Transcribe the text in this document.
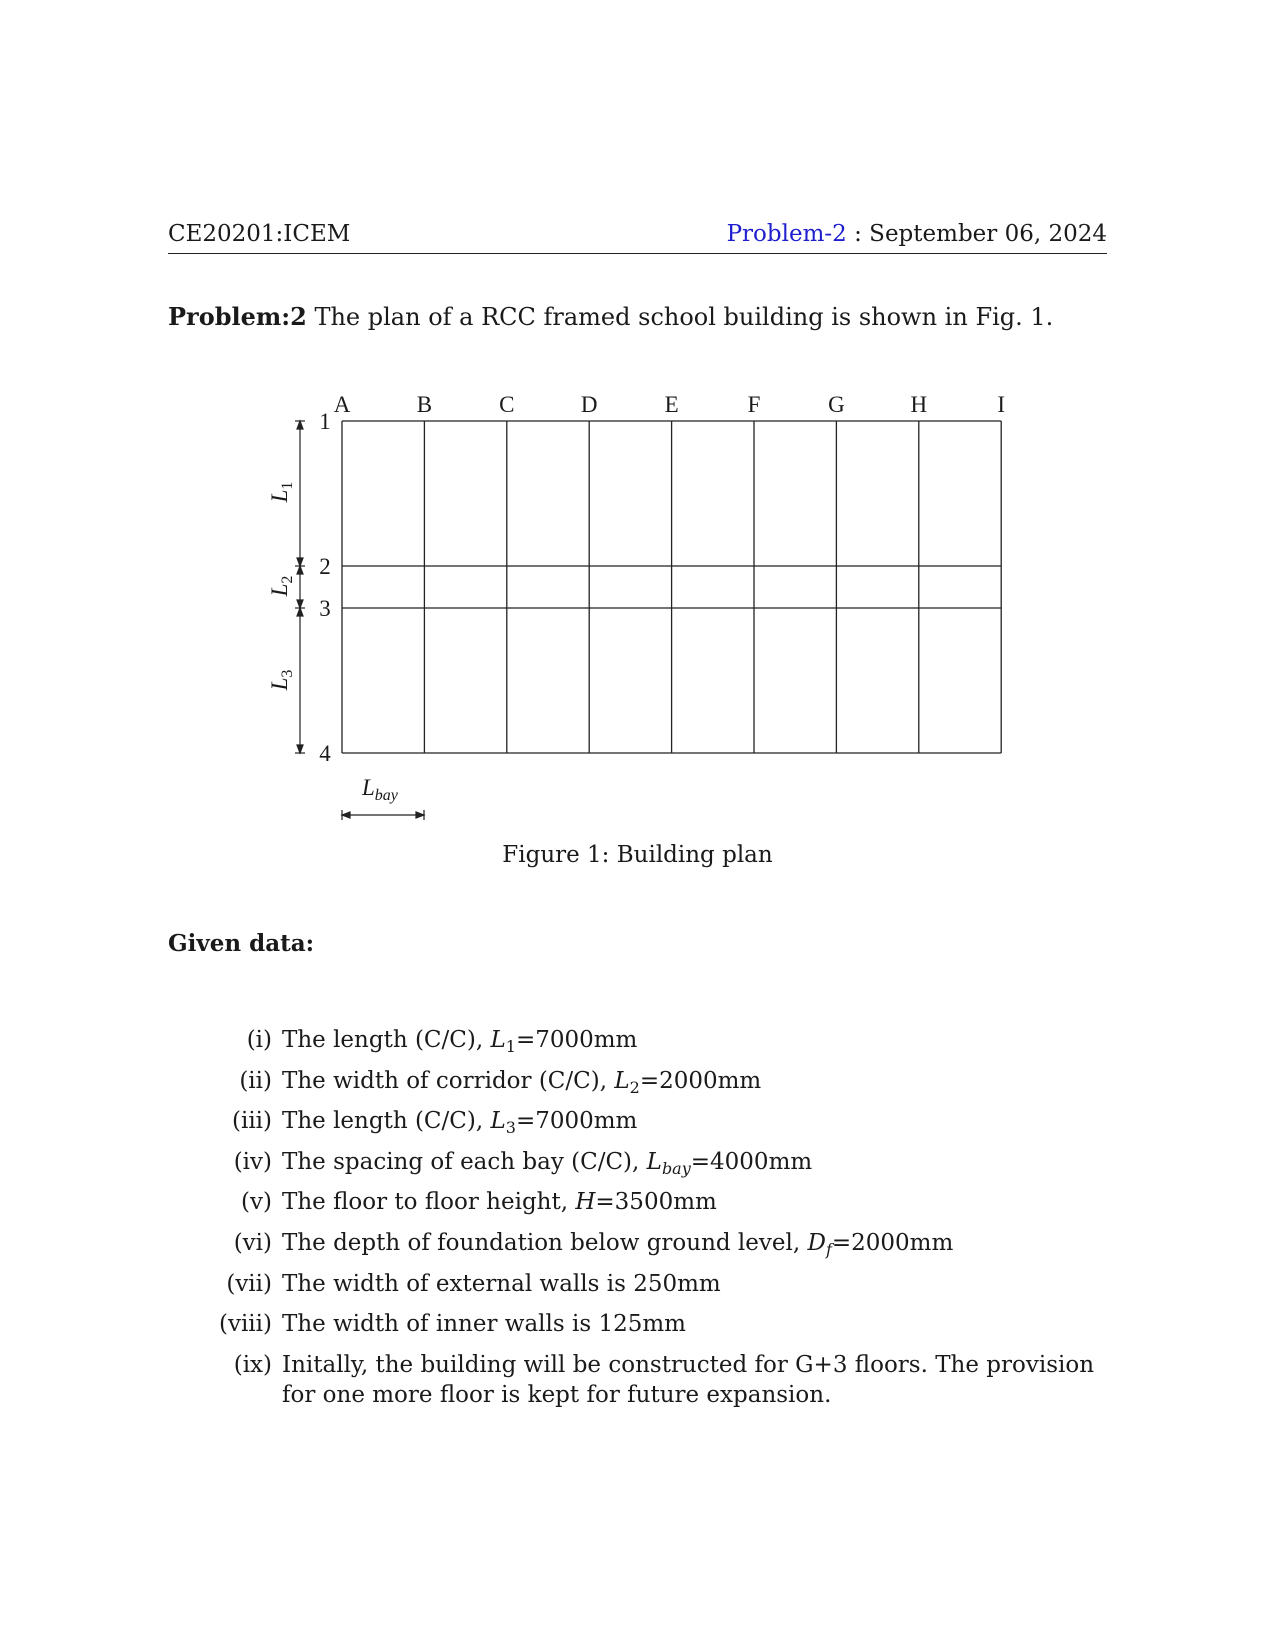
CE20201:ICEM	Problem-2 : September 06, 2024
Problem:2 The plan of a RCC framed school building is shown in Fig. 1.
A	B	C	D	E	F	G	H	I
1
2
3
4
$L_1$
$L_2$
$L_3$
$L_{bay}$
Figure 1: Building plan
Given data:
(i) The length (C/C), $L_1=7000mm$
(ii) The width of corridor (C/C), $L_2=2000mm$
(iii) The length (C/C), $L_3=7000mm$
(iv) The spacing of each bay (C/C), $L_{bay}=4000mm$
(v) The floor to floor height, H=3500mm
(vi) The depth of foundation below ground level, $D_f=2000mm$
(vii) The width of external walls is 250mm
(viii) The width of inner walls is 125mm
(ix) Initally, the building will be constructed for G+3 floors. The provision for one more floor is kept for future expansion.
